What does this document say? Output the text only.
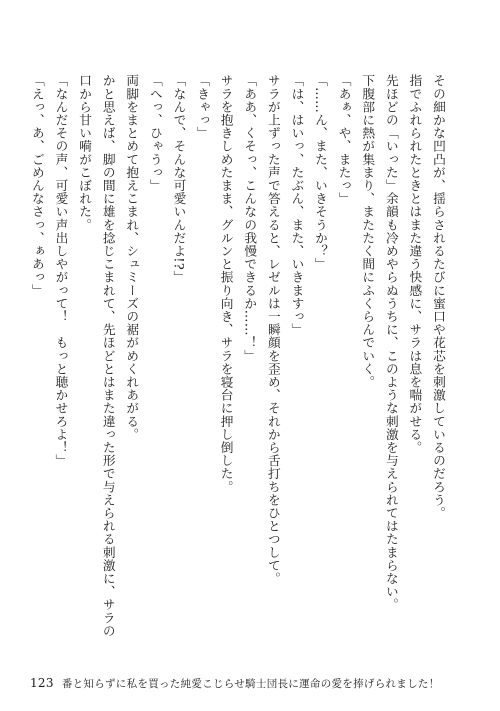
その細かな凹凸が、揺らされるたびに蜜口や花芯を刺激しているのだろう。
指でふれられたときとはまた違う快感に、サラは息を喘がせる。
先ほどの「いった」余韻も冷めやらぬうちに、このような刺激を与えられてはたまらない。
下腹部に熱が集まり、またたく間にふくらんでいく。
「あぁ、や、またっ」
「……ん、また、いきそうか？」
「は、はいっ、たぶん、また、いきますっ」
サラが上ずった声で答えると、レゼルは一瞬顔を歪め、それから舌打ちをひとつして。
「ああ、くそっ、こんなの我慢できるか……！」
サラを抱きしめたまま、グルンと振り向き、サラを寝台に押し倒した。
「きゃっ」
「なんで、そんな可愛いんだよ!?」
「へっ、ひゃうっ」
両脚をまとめて抱えこまれ、シュミーズの裾がめくれあがる。
かと思えば、脚の間に雄を捻じこまれて、先ほどとはまた違った形で与えられる刺激に、サラの
口から甘い嗬がこぼれた。
「なんだその声、可愛い声出しやがって！　もっと聴かせろよ！」
「えっ、あ、ごめんなさっ、ぁあっ」
123 番と知らずに私を買った純愛こじらせ騎士団長に運命の愛を捧げられました！
